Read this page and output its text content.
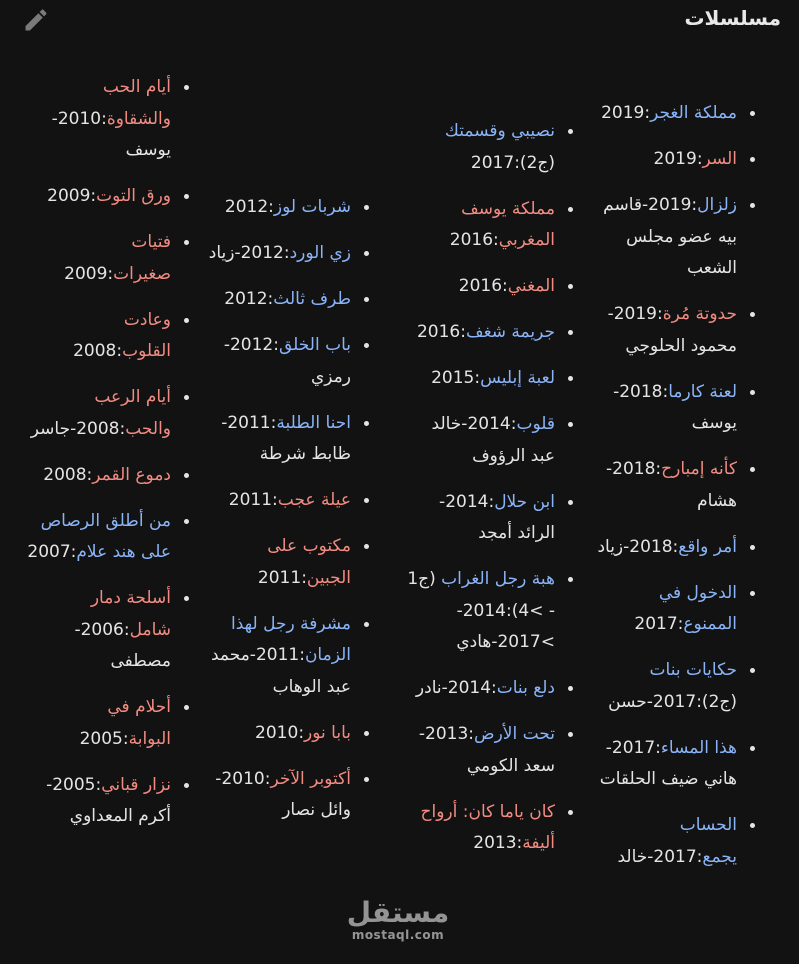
مسلسلات
مملكة الغجر:2019
السر:2019
زلزال:2019-قاسم بيه عضو مجلس الشعب
حدوتة مُرة:2019-محمود الحلوجي
لعنة كارما:2018-يوسف
كأنه إمبارح:2018-هشام
أمر واقع:2018-زياد
الدخول في الممنوع:2017
حكايات بنات (ج2):2017-حسن
هذا المساء:2017-هاني ضيف الحلقات
الحساب يجمع:2017-خالد
نصيبي وقسمتك (ج2):2017
مملكة يوسف المغربي:2016
المغني:2016
جريمة شغف:2016
لعبة إبليس:2015
قلوب:2014-خالد عبد الرؤوف
ابن حلال:2014-الرائد أمجد
هبة رجل الغراب (ج1 - >4):2014->2017-هادي
دلع بنات:2014-نادر
تحت الأرض:2013-سعد الكومي
كان ياما كان: أرواح أليفة:2013
شربات لوز:2012
زي الورد:2012-زياد
طرف ثالث:2012
باب الخلق:2012-رمزي
احنا الطلبة:2011-ظابط شرطة
عيلة عجب:2011
مكتوب على الجبين:2011
مشرفة رجل لهذا الزمان:2011-محمد عبد الوهاب
بابا نور:2010
أكتوبر الآخر:2010-وائل نصار
أيام الحب والشقاوة:2010-يوسف
ورق التوت:2009
فتيات صغيرات:2009
وعادت القلوب:2008
أيام الرعب والحب:2008-جاسر
دموع القمر:2008
من أطلق الرصاص على هند علام:2007
أسلحة دمار شامل:2006-مصطفى
أحلام في البوابة:2005
نزار قباني:2005-أكرم المعداوي
مستقل
mostaql.com
